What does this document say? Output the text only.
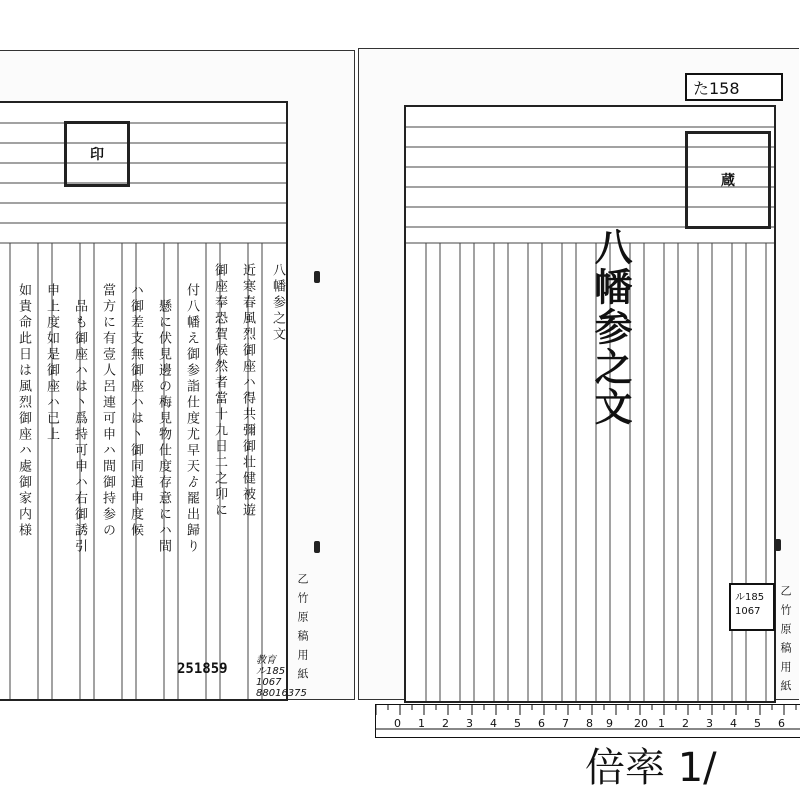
印
八幡参之文
近寒春風烈御座ハ得共彌御壮健被遊
御座奉恐賀候然者當十九日二之卯に
付八幡え御参詣仕度尤早天ゟ罷出歸り
懸に伏見邊の梅見物仕度存意にハ間
ハ御差支無御座ハは丶御同道申度候
當方に有壹人呂連可申ハ間御持参の
品も御座ハは丶爲持可申ハ右御誘引
申上度如是御座ハ已上
如貴命此日は風烈御座ハ處御家内様
乙竹原稿用紙
251859
教育
ル185
1067
88016375
八幡参之文
た158
蔵
乙竹原稿用紙
ル185
1067
0 1 2 3 4 5 6 7 8 9 20 1 2 3 4 5 6
倍率 1/
